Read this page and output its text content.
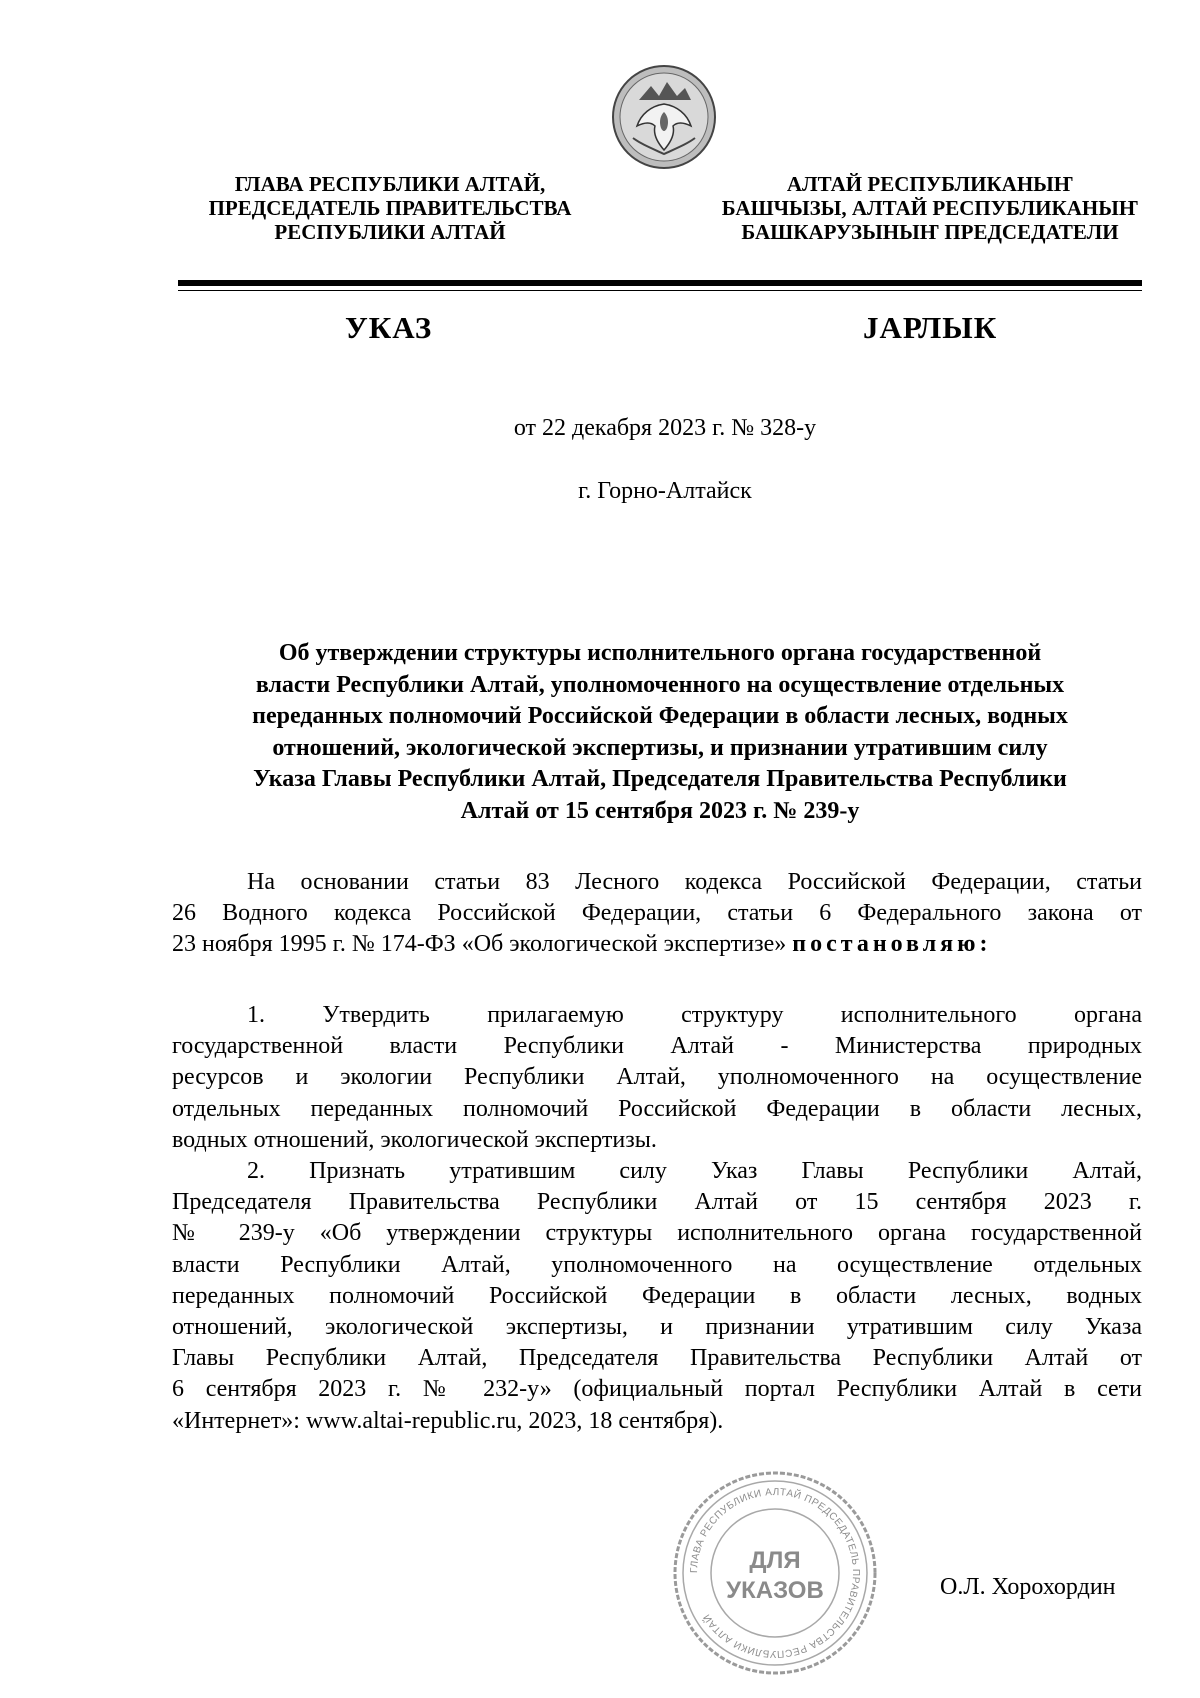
ГЛАВА РЕСПУБЛИКИ АЛТАЙ,
ПРЕДСЕДАТЕЛЬ ПРАВИТЕЛЬСТВА
РЕСПУБЛИКИ АЛТАЙ
АЛТАЙ РЕСПУБЛИКАНЫҤ
БАШЧЫЗЫ, АЛТАЙ РЕСПУБЛИКАНЫҤ
БАШКАРУЗЫНЫҤ ПРЕДСЕДАТЕЛИ
УКАЗ	ЈАРЛЫК
от 22 декабря 2023 г. № 328-у
г. Горно-Алтайск
Об утверждении структуры исполнительного органа государственной
власти Республики Алтай, уполномоченного на осуществление отдельных
переданных полномочий Российской Федерации в области лесных, водных
отношений, экологической экспертизы, и признании утратившим силу
Указа Главы Республики Алтай, Председателя Правительства Республики
Алтай от 15 сентября 2023 г. № 239-у
На основании статьи 83 Лесного кодекса Российской Федерации, статьи
26 Водного кодекса Российской Федерации, статьи 6 Федерального закона от
23 ноября 1995 г. № 174-ФЗ «Об экологической экспертизе» постановляю:
1. Утвердить прилагаемую структуру исполнительного органа
государственной власти Республики Алтай - Министерства природных
ресурсов и экологии Республики Алтай, уполномоченного на осуществление
отдельных переданных полномочий Российской Федерации в области лесных,
водных отношений, экологической экспертизы.
2. Признать утратившим силу Указ Главы Республики Алтай,
Председателя Правительства Республики Алтай от 15 сентября 2023 г.
№ 239-у «Об утверждении структуры исполнительного органа государственной
власти Республики Алтай, уполномоченного на осуществление отдельных
переданных полномочий Российской Федерации в области лесных, водных
отношений, экологической экспертизы, и признании утратившим силу Указа
Главы Республики Алтай, Председателя Правительства Республики Алтай от
6 сентября 2023 г. № 232-у» (официальный портал Республики Алтай в сети
«Интернет»: www.altai-republic.ru, 2023, 18 сентября).
ГЛАВА РЕСПУБЛИКИ АЛТАЙ ПРЕДСЕДАТЕЛЬ ПРАВИТЕЛЬСТВА РЕСПУБЛИКИ АЛТАЙ
ДЛЯ
УКАЗОВ	О.Л. Хорохордин
